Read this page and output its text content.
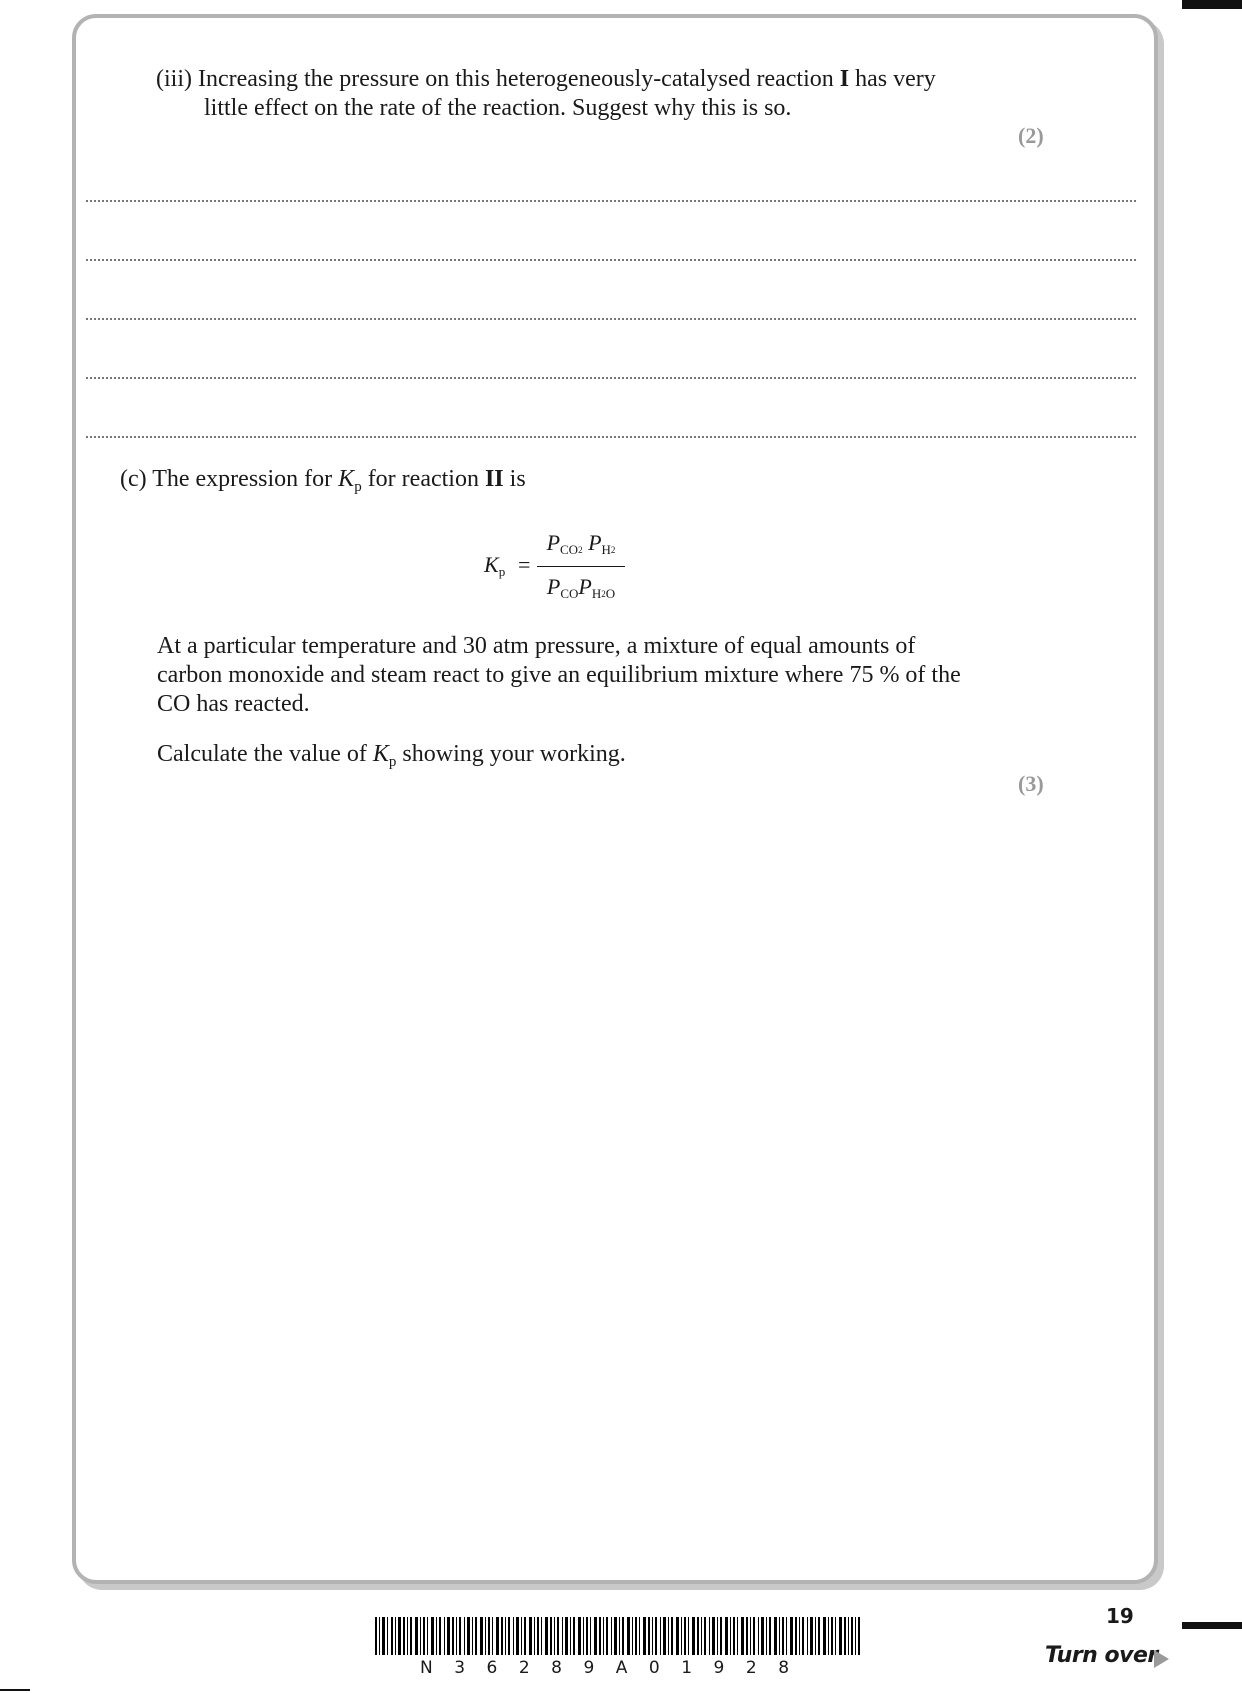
(iii) Increasing the pressure on this heterogeneously-catalysed reaction I has very
little effect on the rate of the reaction. Suggest why this is so.
(2)
(c) The expression for $K_p$ for reaction II is
Kp =
PCO2 PH2
PCOPH2O
At a particular temperature and 30 atm pressure, a mixture of equal amounts of
carbon monoxide and steam react to give an equilibrium mixture where 75 % of the
CO has reacted.
Calculate the value of $K_p$ showing your working.
(3)
19
Turn over
N36289A01928
